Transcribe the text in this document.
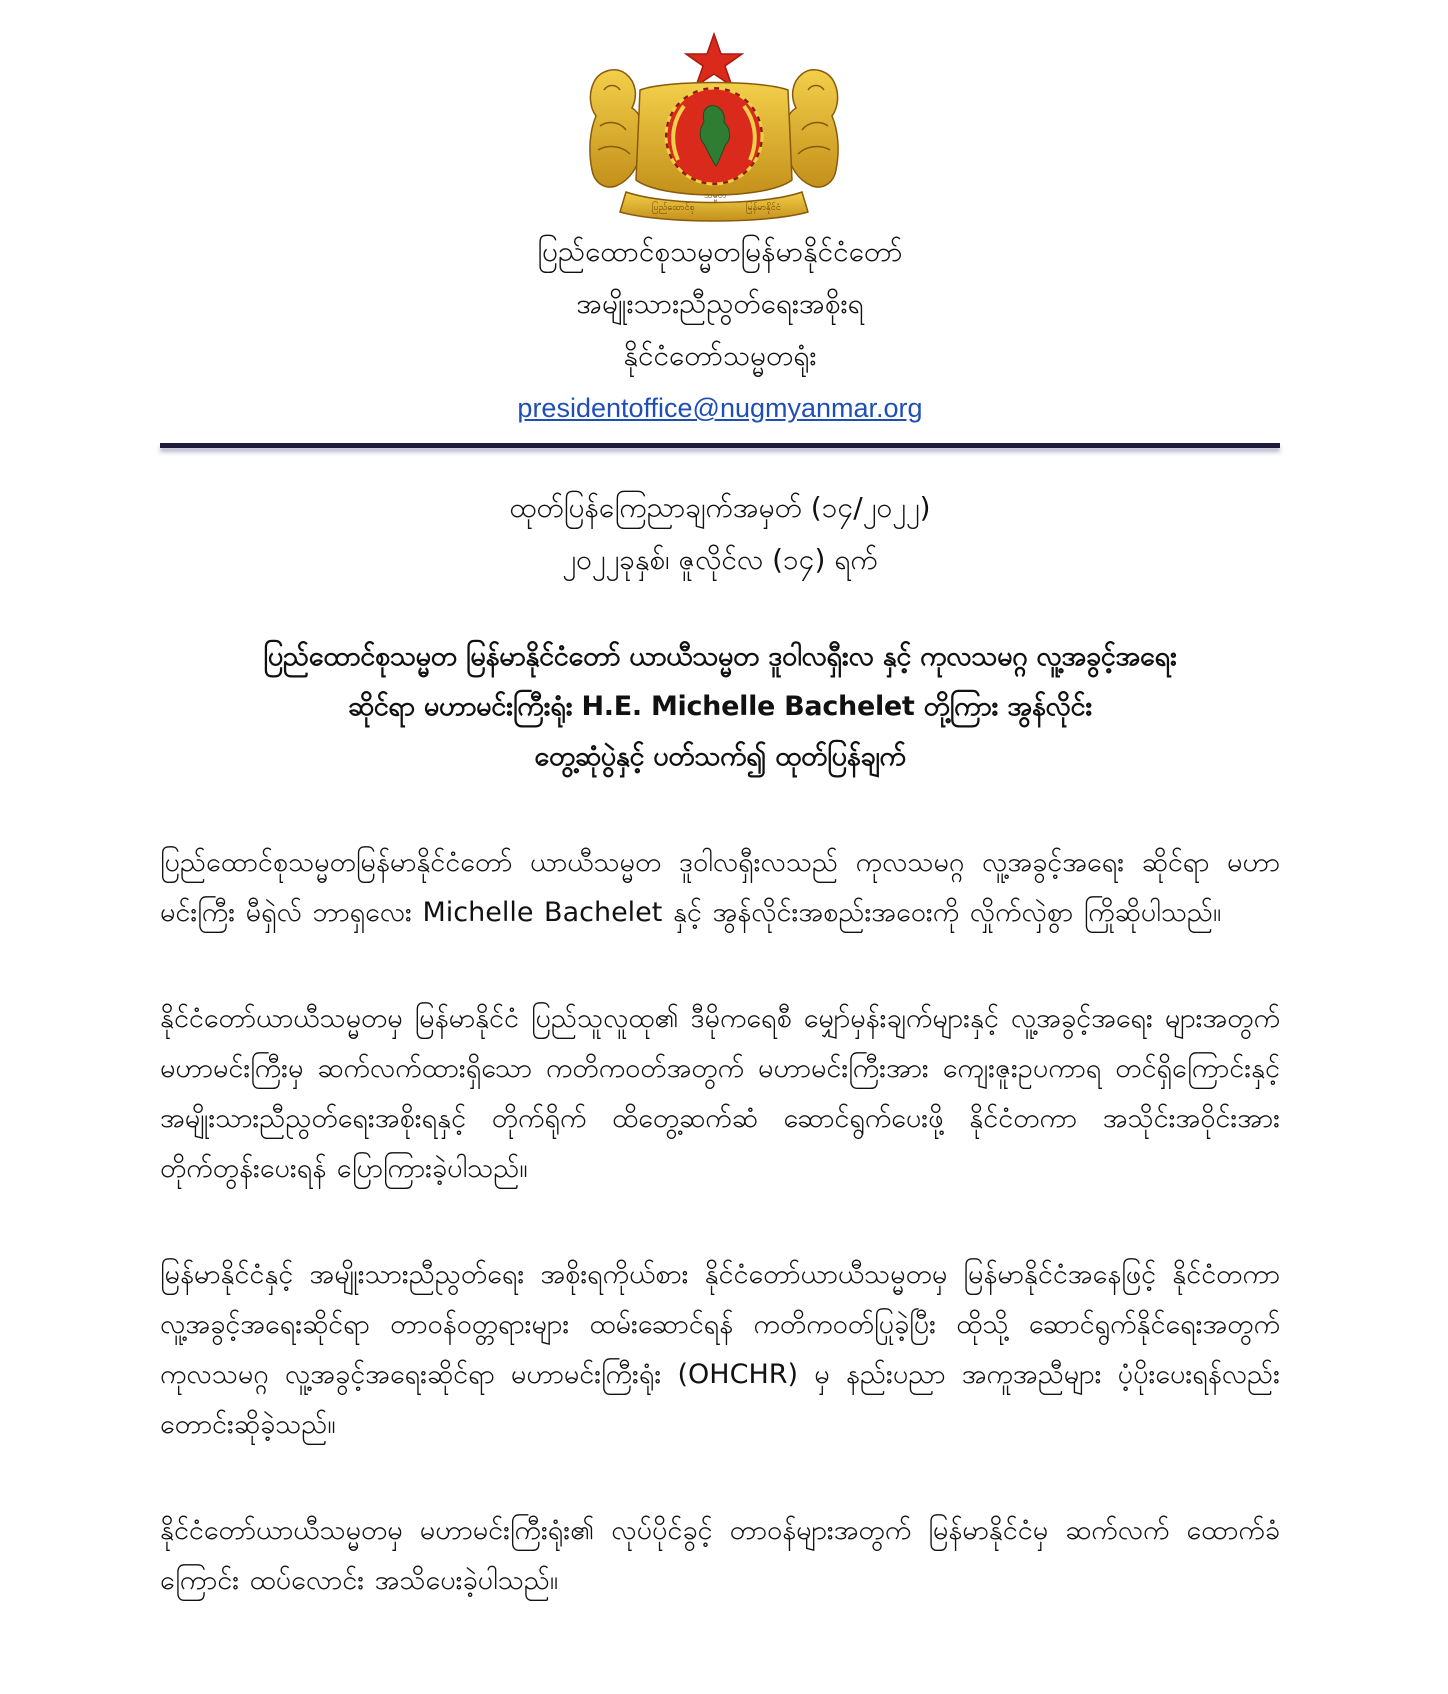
ပြည်ထောင်စု
သမ္မတ
မြန်မာနိုင်ငံ
ပြည်ထောင်စုသမ္မတမြန်မာနိုင်ငံတော်
အမျိုးသားညီညွတ်ရေးအစိုးရ
နိုင်ငံတော်သမ္မတရုံး
presidentoffice@nugmyanmar.org
ထုတ်ပြန်ကြေညာချက်အမှတ် (၁၄/၂၀၂၂)
၂၀၂၂ခုနှစ်၊ ဇူလိုင်လ (၁၄) ရက်
ပြည်ထောင်စုသမ္မတ မြန်မာနိုင်ငံတော် ယာယီသမ္မတ ဒူဝါလရှီးလ နှင့် ကုလသမဂ္ဂ လူ့အခွင့်အရေး
ဆိုင်ရာ မဟာမင်းကြီးရုံး H.E. Michelle Bachelet တို့ကြား အွန်လိုင်း
တွေ့ဆုံပွဲနှင့် ပတ်သက်၍ ထုတ်ပြန်ချက်

ပြည်ထောင်စုသမ္မတမြန်မာနိုင်ငံတော် ယာယီသမ္မတ ဒူဝါလရှီးလသည် ကုလသမဂ္ဂ လူ့အခွင့်အရေး ဆိုင်ရာ မဟာမင်းကြီး မီရှဲလ် ဘာရှလေး Michelle Bachelet နှင့် အွန်လိုင်းအစည်းအဝေးကို လှိုက်လှဲစွာ ကြိုဆိုပါသည်။

နိုင်ငံတော်ယာယီသမ္မတမှ မြန်မာနိုင်ငံ ပြည်သူလူထု၏ ဒီမိုကရေစီ မျှော်မှန်းချက်များနှင့် လူ့အခွင့်အရေး များအတွက် မဟာမင်းကြီးမှ ဆက်လက်ထားရှိသော ကတိကဝတ်အတွက် မဟာမင်းကြီးအား ကျေးဇူးဥပကာရ တင်ရှိကြောင်းနှင့် အမျိုးသားညီညွတ်ရေးအစိုးရနှင့် တိုက်ရိုက် ထိတွေ့ဆက်ဆံ ဆောင်ရွက်ပေးဖို့ နိုင်ငံတကာ အသိုင်းအဝိုင်းအား တိုက်တွန်းပေးရန် ပြောကြားခဲ့ပါသည်။

မြန်မာနိုင်ငံနှင့် အမျိုးသားညီညွတ်ရေး အစိုးရကိုယ်စား နိုင်ငံတော်ယာယီသမ္မတမှ မြန်မာနိုင်ငံအနေဖြင့် နိုင်ငံတကာ လူ့အခွင့်အရေးဆိုင်ရာ တာဝန်ဝတ္တရားများ ထမ်းဆောင်ရန် ကတိကဝတ်ပြုခဲ့ပြီး ထိုသို့ ဆောင်ရွက်နိုင်ရေးအတွက် ကုလသမဂ္ဂ လူ့အခွင့်အရေးဆိုင်ရာ မဟာမင်းကြီးရုံး (OHCHR) မှ နည်းပညာ အကူအညီများ ပံ့ပိုးပေးရန်လည်း တောင်းဆိုခဲ့သည်။

နိုင်ငံတော်ယာယီသမ္မတမှ မဟာမင်းကြီးရုံး၏ လုပ်ပိုင်ခွင့် တာဝန်များအတွက် မြန်မာနိုင်ငံမှ ဆက်လက် ထောက်ခံကြောင်း ထပ်လောင်း အသိပေးခဲ့ပါသည်။
